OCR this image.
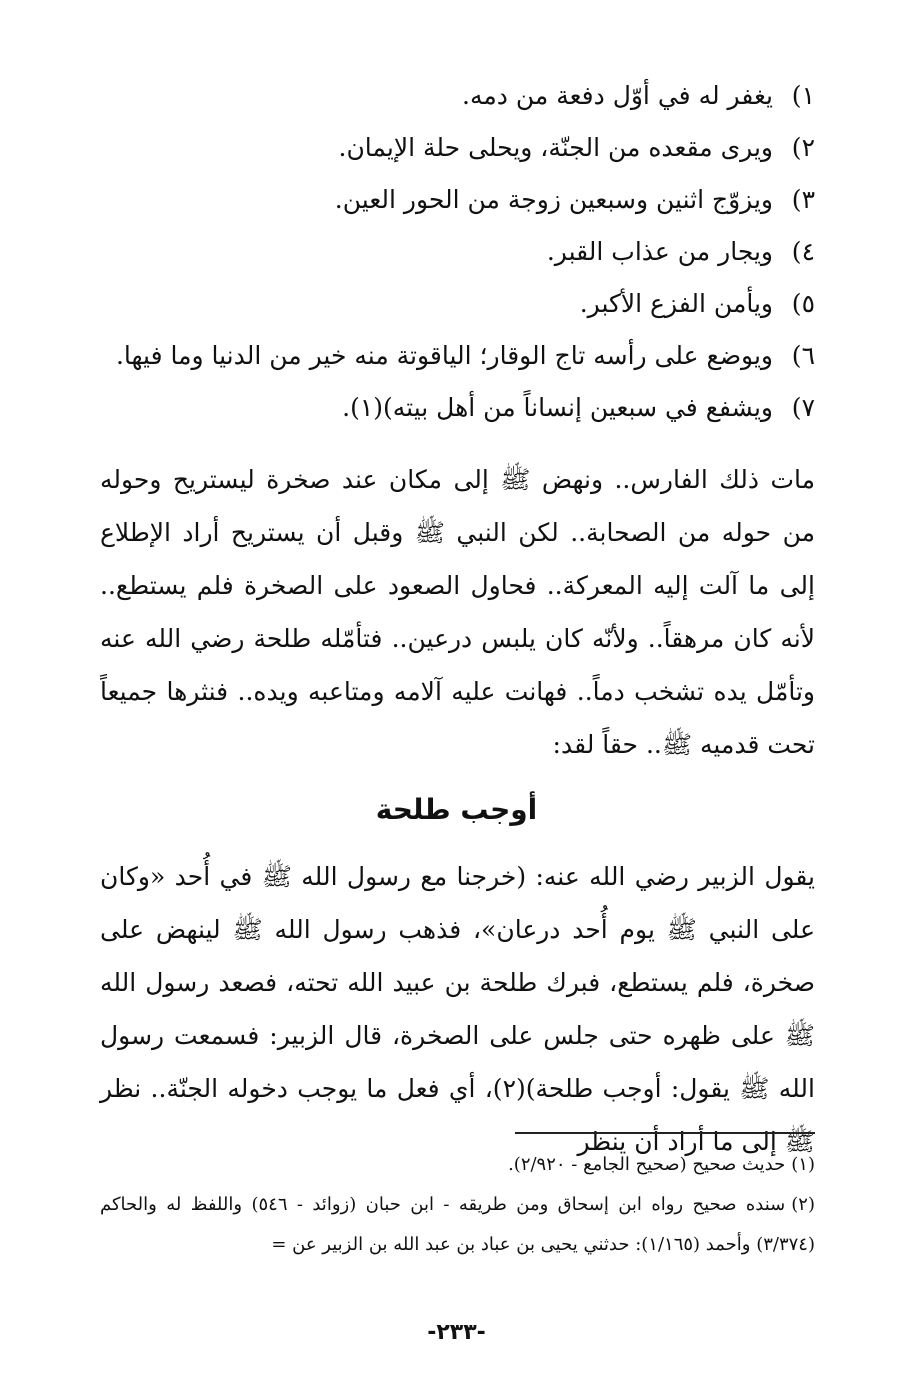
١)يغفر له في أوّل دفعة من دمه.
٢)ويرى مقعده من الجنّة، ويحلى حلة الإيمان.
٣)ويزوّج اثنين وسبعين زوجة من الحور العين.
٤)ويجار من عذاب القبر.
٥)ويأمن الفزع الأكبر.
٦)ويوضع على رأسه تاج الوقار؛ الياقوتة منه خير من الدنيا وما فيها.
٧)ويشفع في سبعين إنساناً من أهل بيته)(١).

مات ذلك الفارس.. ونهض ﷺ إلى مكان عند صخرة ليستريح وحوله من حوله من الصحابة.. لكن النبي ﷺ وقبل أن يستريح أراد الإطلاع إلى ما آلت إليه المعركة.. فحاول الصعود على الصخرة فلم يستطع.. لأنه كان مرهقاً.. ولأنّه كان يلبس درعين.. فتأمّله طلحة رضي الله عنه وتأمّل يده تشخب دماً.. فهانت عليه آلامه ومتاعبه ويده.. فنثرها جميعاً تحت قدميه ﷺ.. حقاً لقد:

أوجب طلحة

يقول الزبير رضي الله عنه: (خرجنا مع رسول الله ﷺ في أُحد «وكان على النبي ﷺ يوم أُحد درعان»، فذهب رسول الله ﷺ لينهض على صخرة، فلم يستطع، فبرك طلحة بن عبيد الله تحته، فصعد رسول الله ﷺ على ظهره حتى جلس على الصخرة، قال الزبير: فسمعت رسول الله ﷺ يقول: أوجب طلحة)(٢)، أي فعل ما يوجب دخوله الجنّة.. نظر ﷺ إلى ما أراد أن ينظر

(١)حديث صحيح (صحيح الجامع - ٢/٩٢٠).
(٢)سنده صحيح رواه ابن إسحاق ومن طريقه - ابن حبان (زوائد - ٥٤٦) واللفظ له والحاكم (٣/٣٧٤) وأحمد (١/١٦٥): حدثني يحيى بن عباد بن عبد الله بن الزبير عن =
-٢٣٣-
